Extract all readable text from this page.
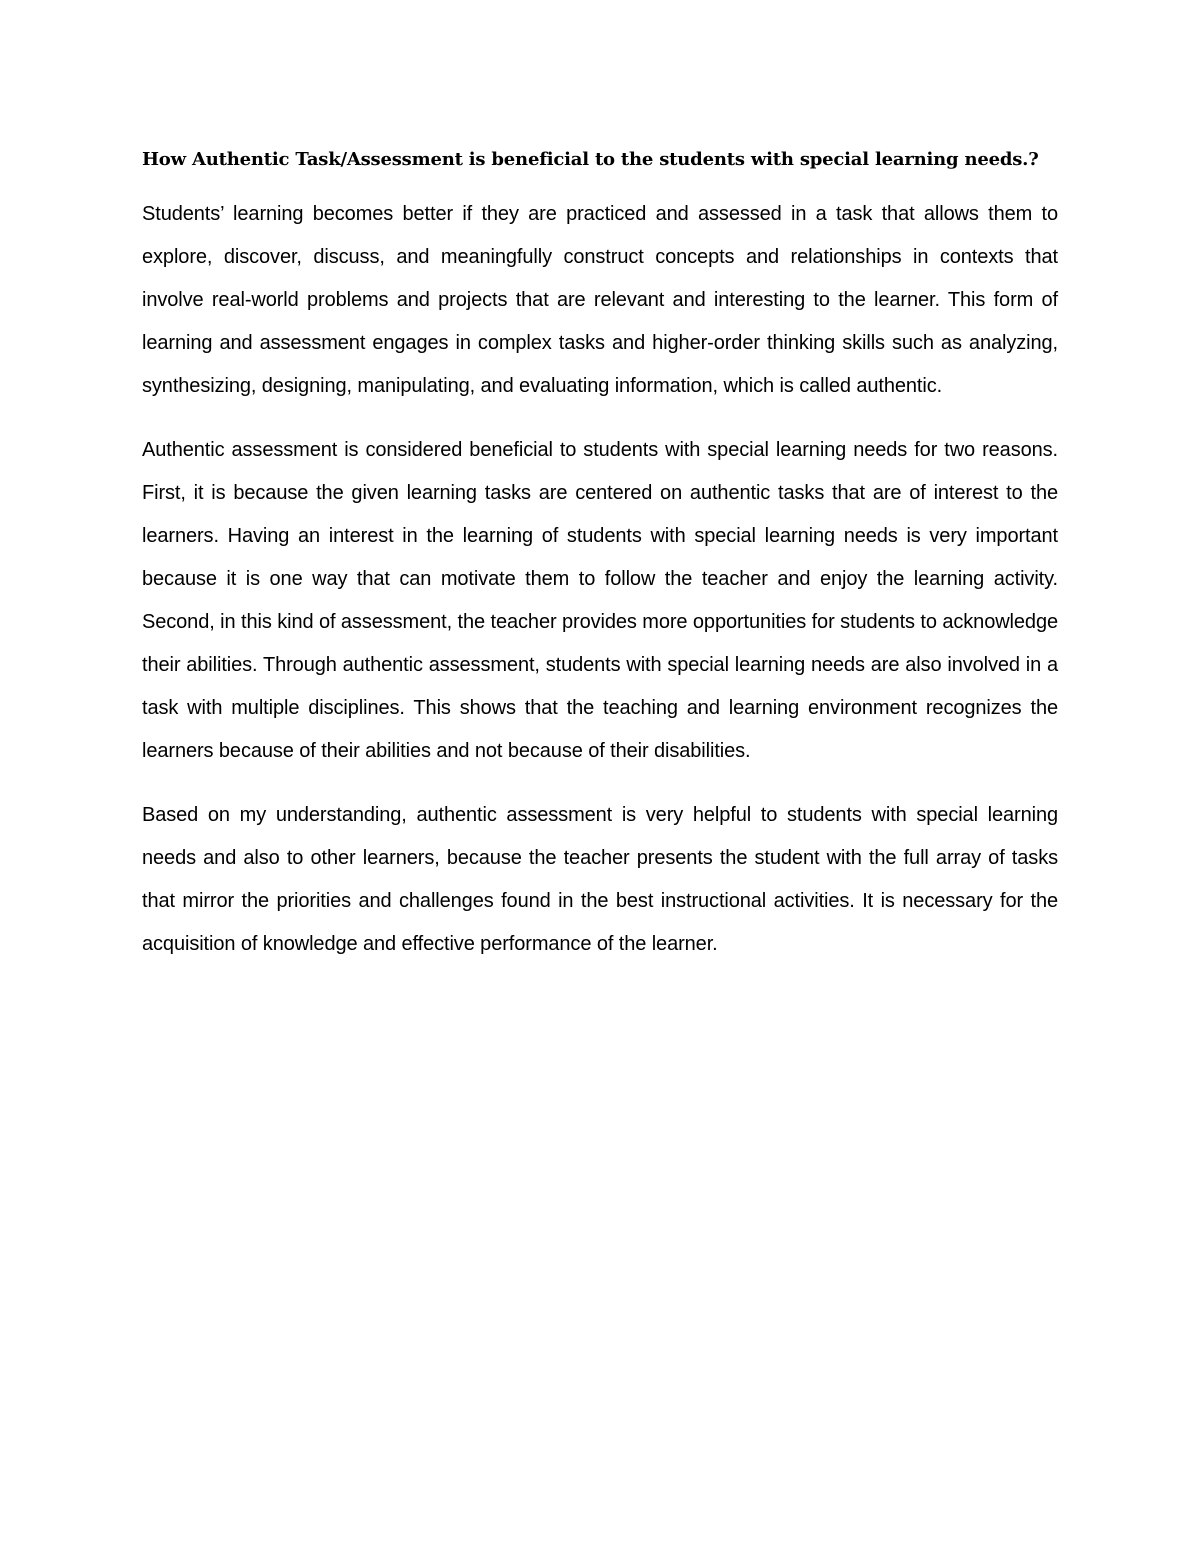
How Authentic Task/Assessment is beneficial to the students with special learning needs.?

Students’ learning becomes better if they are practiced and assessed in a task that allows them to explore, discover, discuss, and meaningfully construct concepts and relationships in contexts that involve real-world problems and projects that are relevant and interesting to the learner. This form of learning and assessment engages in complex tasks and higher-order thinking skills such as analyzing, synthesizing, designing, manipulating, and evaluating information, which is called authentic.

Authentic assessment is considered beneficial to students with special learning needs for two reasons. First, it is because the given learning tasks are centered on authentic tasks that are of interest to the learners. Having an interest in the learning of students with special learning needs is very important because it is one way that can motivate them to follow the teacher and enjoy the learning activity. Second, in this kind of assessment, the teacher provides more opportunities for students to acknowledge their abilities. Through authentic assessment, students with special learning needs are also involved in a task with multiple disciplines. This shows that the teaching and learning environment recognizes the learners because of their abilities and not because of their disabilities.

Based on my understanding, authentic assessment is very helpful to students with special learning needs and also to other learners, because the teacher presents the student with the full array of tasks that mirror the priorities and challenges found in the best instructional activities. It is necessary for the acquisition of knowledge and effective performance of the learner.
